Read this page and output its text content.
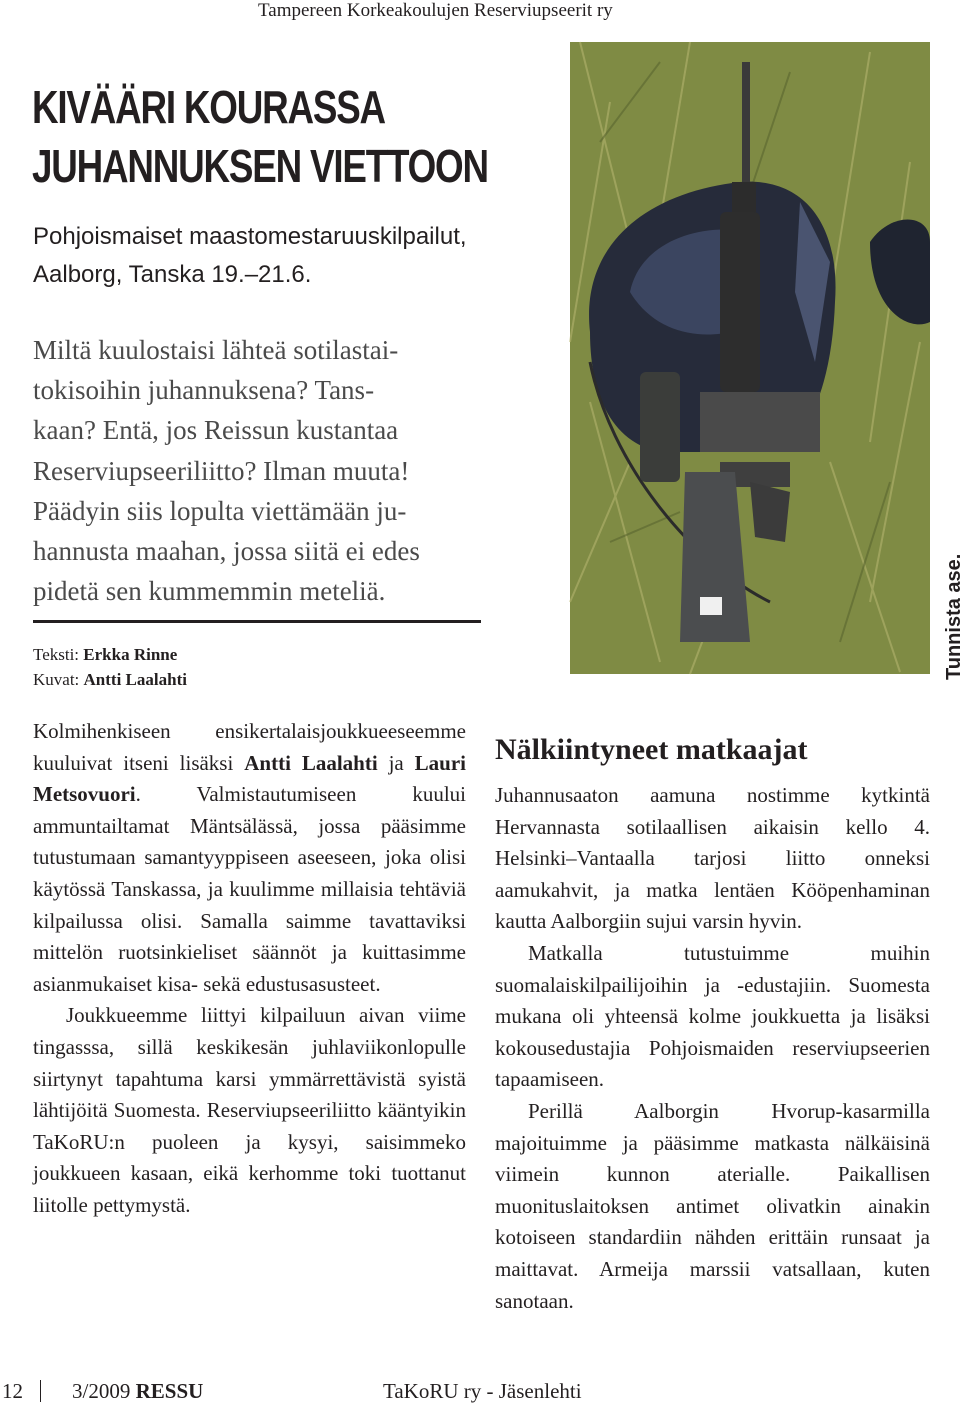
Tampereen Korkeakoulujen Reserviupseerit ry
KIVÄÄRI KOURASSA
JUHANNUKSEN VIETTOON
Pohjoismaiset maastomestaruuskilpailut,
Aalborg, Tanska 19.–21.6.
Miltä kuulostaisi lähteä sotilastai-
tokisoihin juhannuksena? Tans-
kaan? Entä, jos Reissun kustantaa
Reserviupseeriliitto? Ilman muuta!
Päädyin siis lopulta viettämään ju-
hannusta maahan, jossa siitä ei edes
pidetä sen kummemmin meteliä.
Teksti: Erkka Rinne
Kuvat: Antti Laalahti

Kolmihenkiseen ensikertalaisjoukkueeseemme kuuluivat itseni lisäksi Antti Laalahti ja Lauri Metsovuori. Valmistautumiseen kuului ammuntailtamat Mäntsälässä, jossa pääsimme tutustumaan samantyyppiseen aseeseen, joka olisi käytössä Tanskassa, ja kuulimme millaisia tehtäviä kilpailussa olisi. Samalla saimme tavattaviksi mittelön ruotsinkieliset säännöt ja kuittasimme asianmukaiset kisa- sekä edustusasusteet.

Joukkueemme liittyi kilpailuun aivan viime tingasssa, sillä keskikesän juhlaviikonlopulle siirtynyt tapahtuma karsi ymmärrettävistä syistä lähtijöitä Suomesta. Reserviupseeriliitto kääntyikin TaKoRU:n puoleen ja kysyi, saisimmeko joukkueen kasaan, eikä kerhomme toki tuottanut liitolle pettymystä.

Tunnista ase.
Nälkiintyneet matkaajat

Juhannusaaton aamuna nostimme kytkintä Hervannasta sotilaallisen aikaisin kello 4. Helsinki–Vantaalla tarjosi liitto onneksi aamukahvit, ja matka lentäen Kööpenhaminan kautta Aalborgiin sujui varsin hyvin.

Matkalla tutustuimme muihin suomalaiskilpailijoihin ja -edustajiin. Suomesta mukana oli yhteensä kolme joukkuetta ja lisäksi kokousedustajia Pohjoismaiden reserviupseerien tapaamiseen.

Perillä Aalborgin Hvorup-kasarmilla majoituimme ja pääsimme matkasta nälkäisinä viimein kunnon aterialle. Paikallisen muonituslaitoksen antimet olivatkin ainakin kotoiseen standardiin nähden erittäin runsaat ja maittavat. Armeija marssii vatsallaan, kuten sanotaan.

12 3/2009 RESSU	TaKoRU ry - Jäsenlehti
